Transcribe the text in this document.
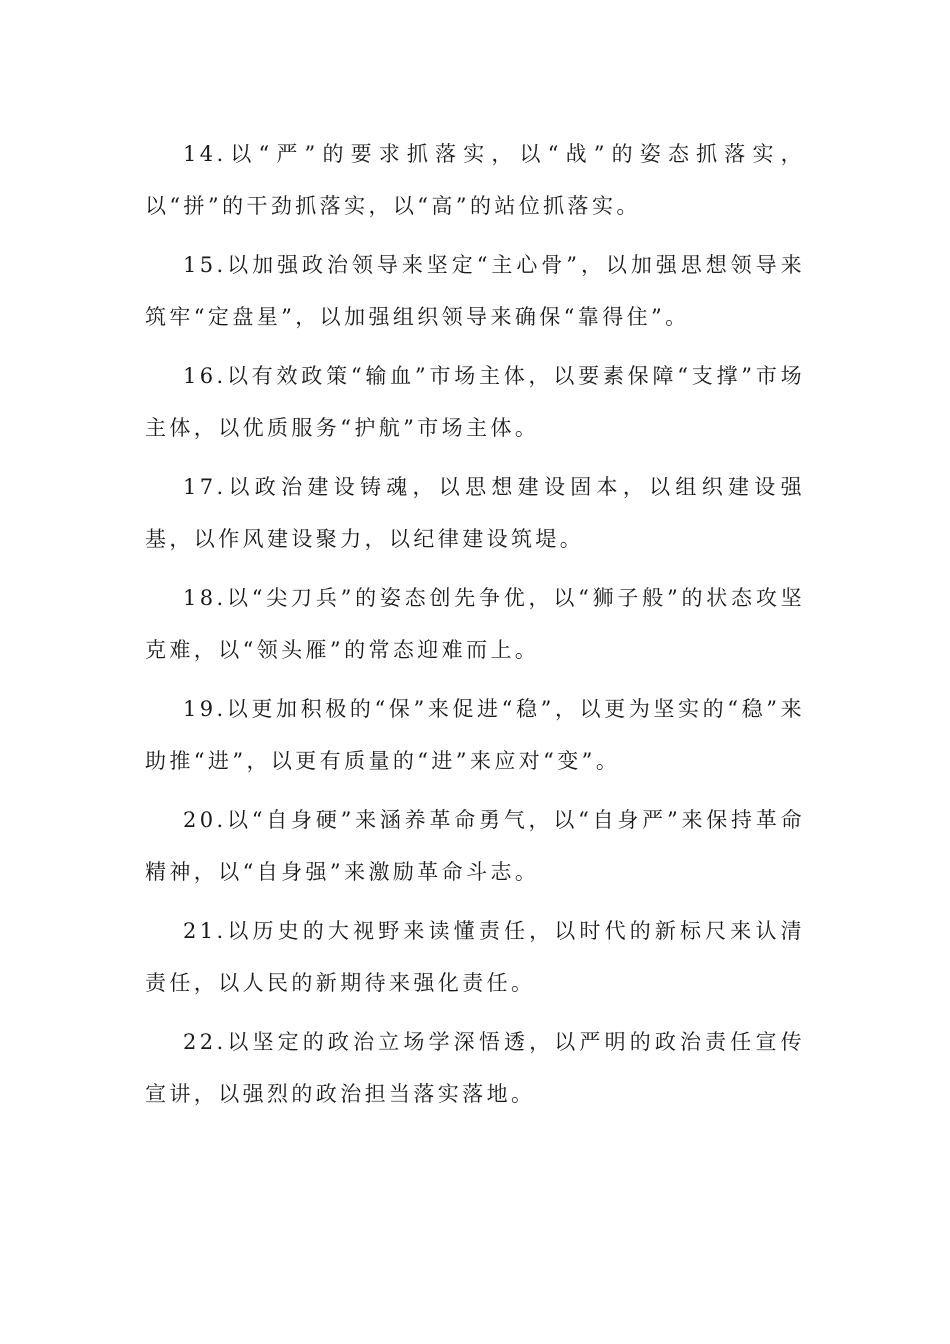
14.以“严”的要求抓落实，以“战”的姿态抓落实，以“拼”的干劲抓落实，以“高”的站位抓落实。

15.以加强政治领导来坚定“主心骨”，以加强思想领导来筑牢“定盘星”，以加强组织领导来确保“靠得住”。

16.以有效政策“输血”市场主体，以要素保障“支撑”市场主体，以优质服务“护航”市场主体。

17.以政治建设铸魂，以思想建设固本，以组织建设强基，以作风建设聚力，以纪律建设筑堤。

18.以“尖刀兵”的姿态创先争优，以“狮子般”的状态攻坚克难，以“领头雁”的常态迎难而上。

19.以更加积极的“保”来促进“稳”，以更为坚实的“稳”来助推“进”，以更有质量的“进”来应对“变”。

20.以“自身硬”来涵养革命勇气，以“自身严”来保持革命精神，以“自身强”来激励革命斗志。

21.以历史的大视野来读懂责任，以时代的新标尺来认清责任，以人民的新期待来强化责任。

22.以坚定的政治立场学深悟透，以严明的政治责任宣传宣讲，以强烈的政治担当落实落地。
